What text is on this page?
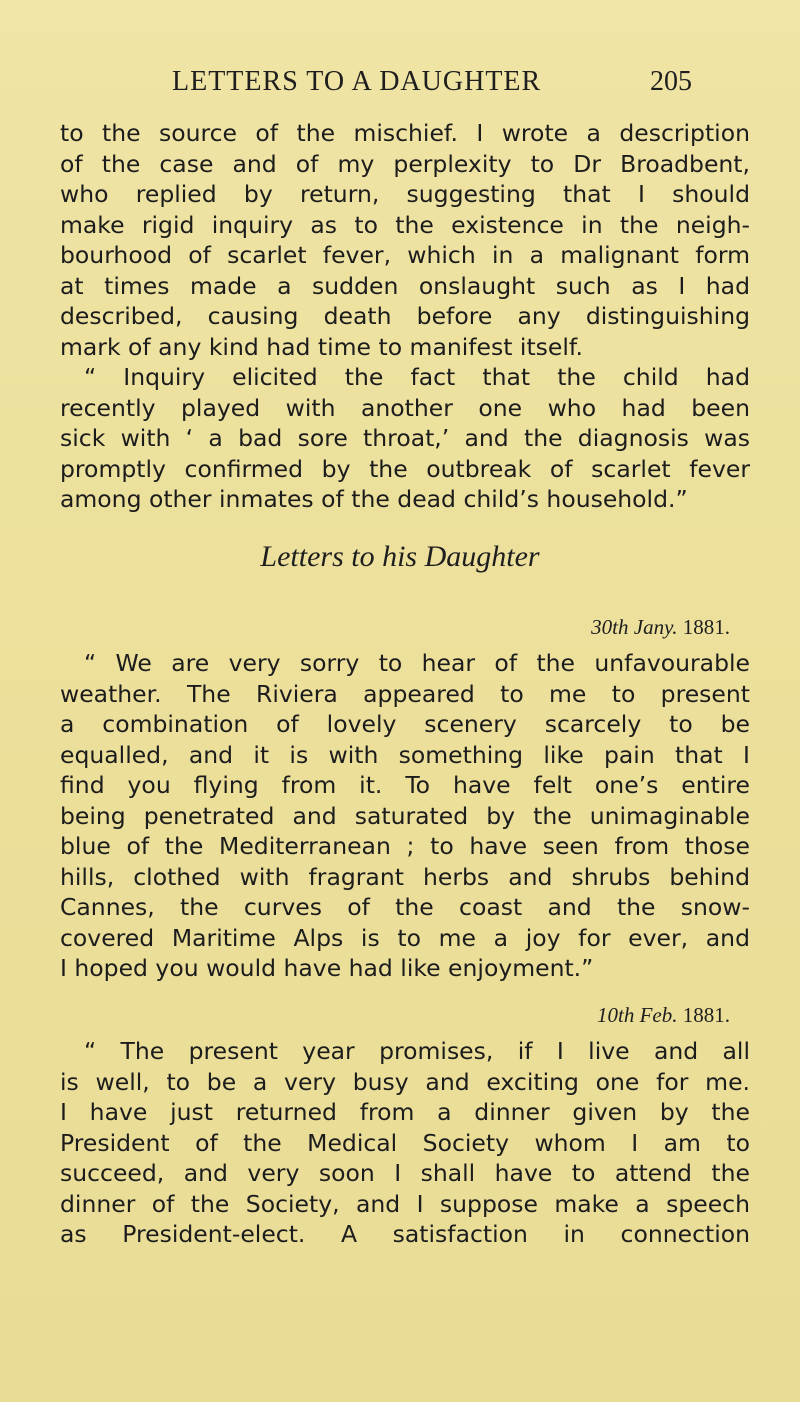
LETTERS TO A DAUGHTER	205
to the source of the mischief. I wrote a description
of the case and of my perplexity to Dr Broadbent,
who replied by return, suggesting that I should
make rigid inquiry as to the existence in the neigh-
bourhood of scarlet fever, which in a malignant form
at times made a sudden onslaught such as I had
described, causing death before any distinguishing
mark of any kind had time to manifest itself.
“ Inquiry elicited the fact that the child had
recently played with another one who had been
sick with ‘ a bad sore throat,’ and the diagnosis was
promptly confirmed by the outbreak of scarlet fever
among other inmates of the dead child’s household.”
Letters to his Daughter
30th Jany. 1881.
“ We are very sorry to hear of the unfavourable
weather. The Riviera appeared to me to present
a combination of lovely scenery scarcely to be
equalled, and it is with something like pain that I
find you flying from it. To have felt one’s entire
being penetrated and saturated by the unimaginable
blue of the Mediterranean ; to have seen from those
hills, clothed with fragrant herbs and shrubs behind
Cannes, the curves of the coast and the snow-
covered Maritime Alps is to me a joy for ever, and
I hoped you would have had like enjoyment.”
10th Feb. 1881.
“ The present year promises, if I live and all
is well, to be a very busy and exciting one for me.
I have just returned from a dinner given by the
President of the Medical Society whom I am to
succeed, and very soon I shall have to attend the
dinner of the Society, and I suppose make a speech
as President-elect. A satisfaction in connection
